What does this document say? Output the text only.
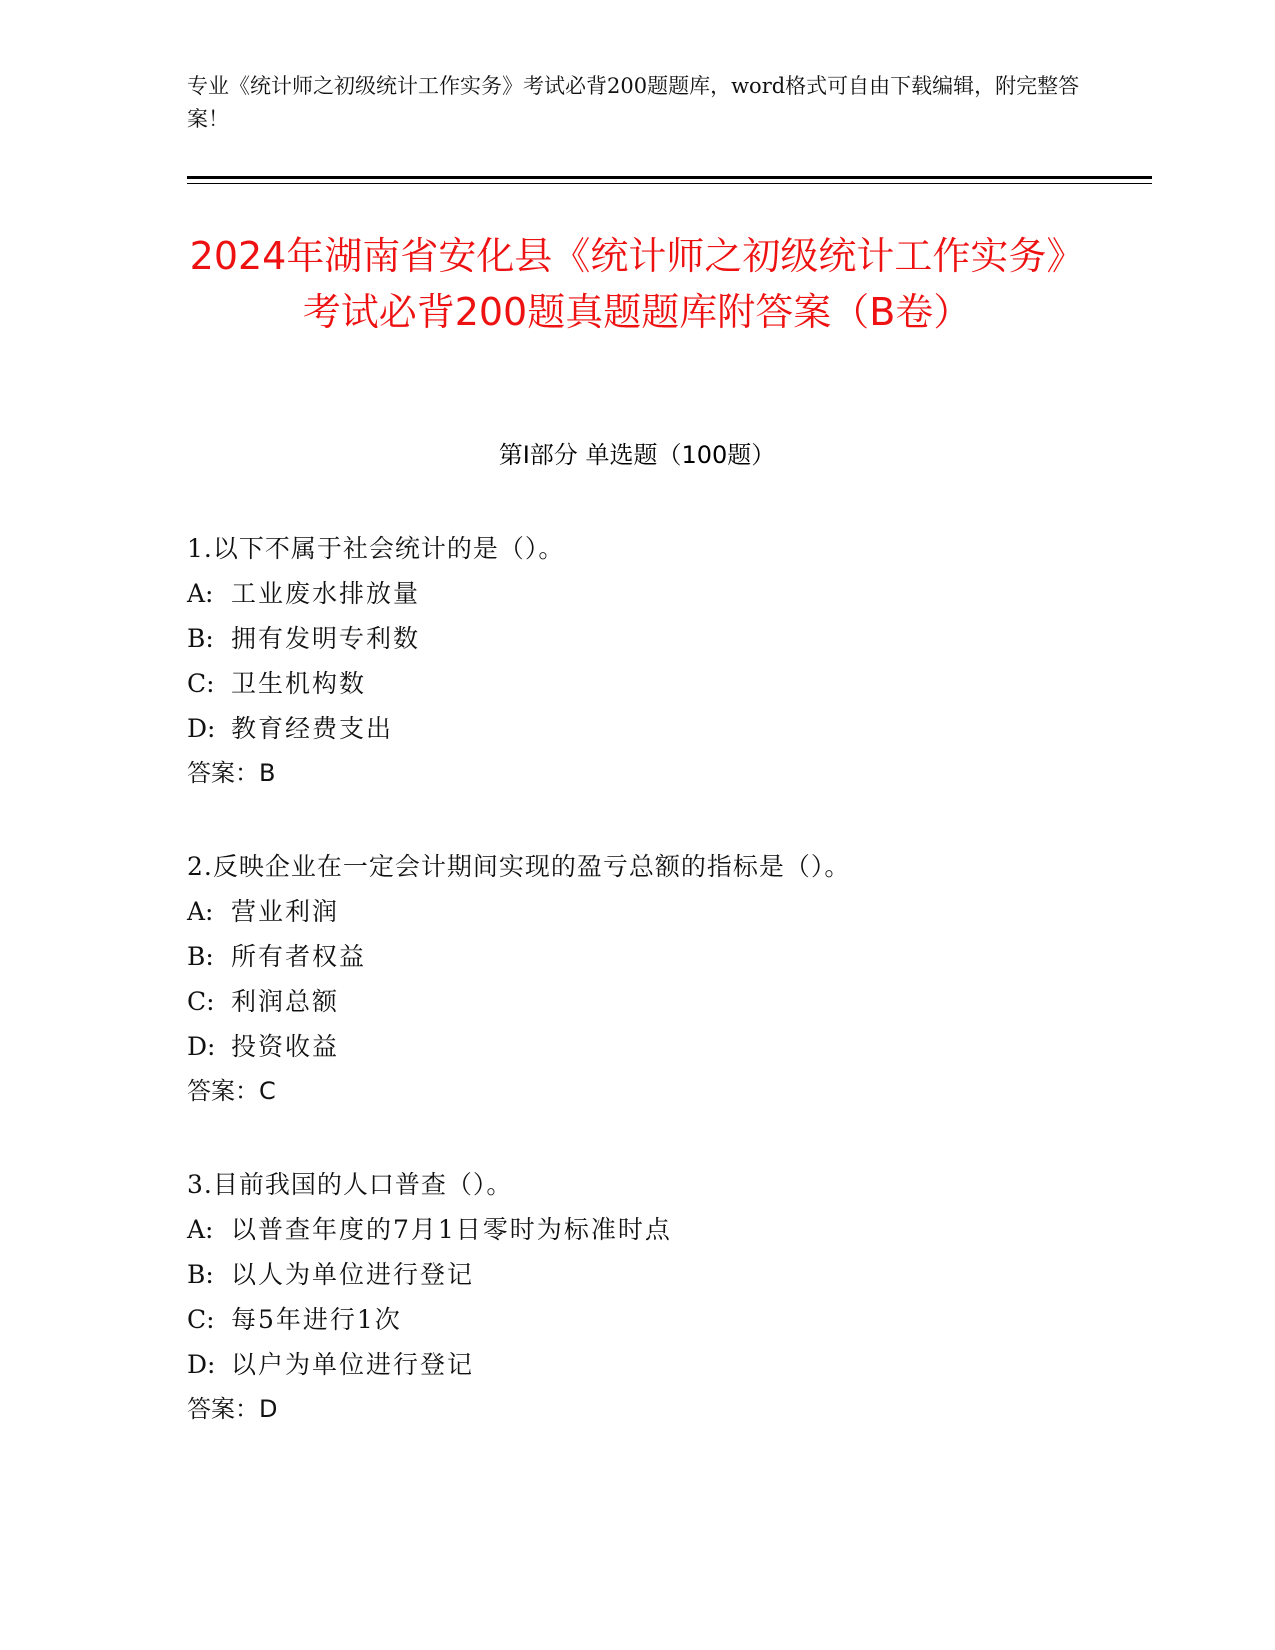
专业《统计师之初级统计工作实务》考试必背200题题库，word格式可自由下载编辑，附完整答案！
2024年湖南省安化县《统计师之初级统计工作实务》考试必背200题真题题库附答案（B卷）
第I部分 单选题（100题）
1.以下不属于社会统计的是（）。
A: 工业废水排放量
B: 拥有发明专利数
C: 卫生机构数
D: 教育经费支出
答案：B
2.反映企业在一定会计期间实现的盈亏总额的指标是（）。
A: 营业利润
B: 所有者权益
C: 利润总额
D: 投资收益
答案：C
3.目前我国的人口普查（）。
A: 以普查年度的7月1日零时为标准时点
B: 以人为单位进行登记
C: 每5年进行1次
D: 以户为单位进行登记
答案：D
